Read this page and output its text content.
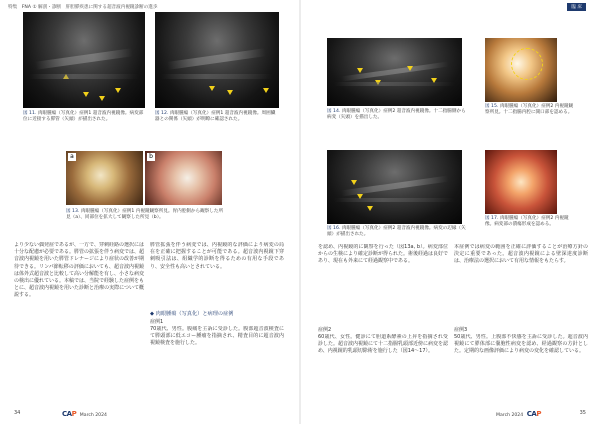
特集　FNA ① 解剖・診断　肝胆膵疾患に関する超音波内視鏡診断の進歩	臨 床
図 11. 肉眼腫瘍（写真化）症例1 超音波内視鏡像。病変部位に近接する膵管（矢頭）が描出された。
図 12. 肉眼腫瘍（写真化）症例1 超音波内視鏡像。周囲臓器との関係（矢頭）が明瞭に確認された。
a	b
図 13. 肉眼腫瘍（写真化）症例1 内視鏡観察所見。胃内腔側から観察した所見（a）、同部位を拡大して観察した所見（b）。
より少ない偶発症であるが、一方で、穿刺経路の選択には十分な配慮が必要である。膵管の拡張を伴う病変では、超音波内視鏡を用いた膵管ドレナージにより症状の改善が期待できる。リンパ節転移の評価においても、超音波内視鏡は体外式超音波と比較して高い分解能を有し、小さな病変の検出に優れている。本稿では、当院で経験した症例をもとに、超音波内視鏡を用いた診断と治療の実際について概説する。
膵管拡張を伴う病変では、内視鏡的な評価により病変の局在を正確に把握することが可能である。超音波内視鏡下穿刺吸引法は、組織学的診断を得るための有用な手段であり、安全性も高いとされている。
◆ 肉眼腫瘍（写真化）と病理の症例
症例1
70歳代、男性。腹痛を主訴に受診した。腹部超音波検査にて膵頭部に低エコー腫瘤を指摘され、精査目的に超音波内視鏡検査を施行した。
図 14. 肉眼腫瘍（写真化）症例2 超音波内視鏡像。十二指腸側から病変（矢頭）を描出した。
図 15. 肉眼腫瘍（写真化）症例2 内視鏡観察所見。十二指腸内腔に開口部を認める。
図 16. 肉眼腫瘍（写真化）症例2 超音波内視鏡像。病変の辺縁（矢頭）が描出された。
図 17. 肉眼腫瘍（写真化）症例2 内視鏡像。病変部の潰瘍形成を認める。
を認め、内視鏡的に観察を行った（図13a, b）。病変部位からの生検により確定診断が得られた。術後経過は良好であり、現在も外来にて経過観察中である。
症例2
60歳代、女性。健診にて胆道系酵素の上昇を指摘され受診した。超音波内視鏡にて十二指腸乳頭部近傍に病変を認め、内視鏡的乳頭切除術を施行した（図14〜17）。
本症例では病変の範囲を正確に評価することが治療方針の決定に重要であった。超音波内視鏡による壁深達度診断は、治療法の選択において有用な情報をもたらす。
症例3
50歳代、男性。上腹部不快感を主訴に受診した。超音波内視鏡にて膵体部に嚢胞性病変を認め、経過観察の方針とした。定期的な画像評価により病変の変化を確認している。
34	CAP March 2024	March 2024 CAP	35
